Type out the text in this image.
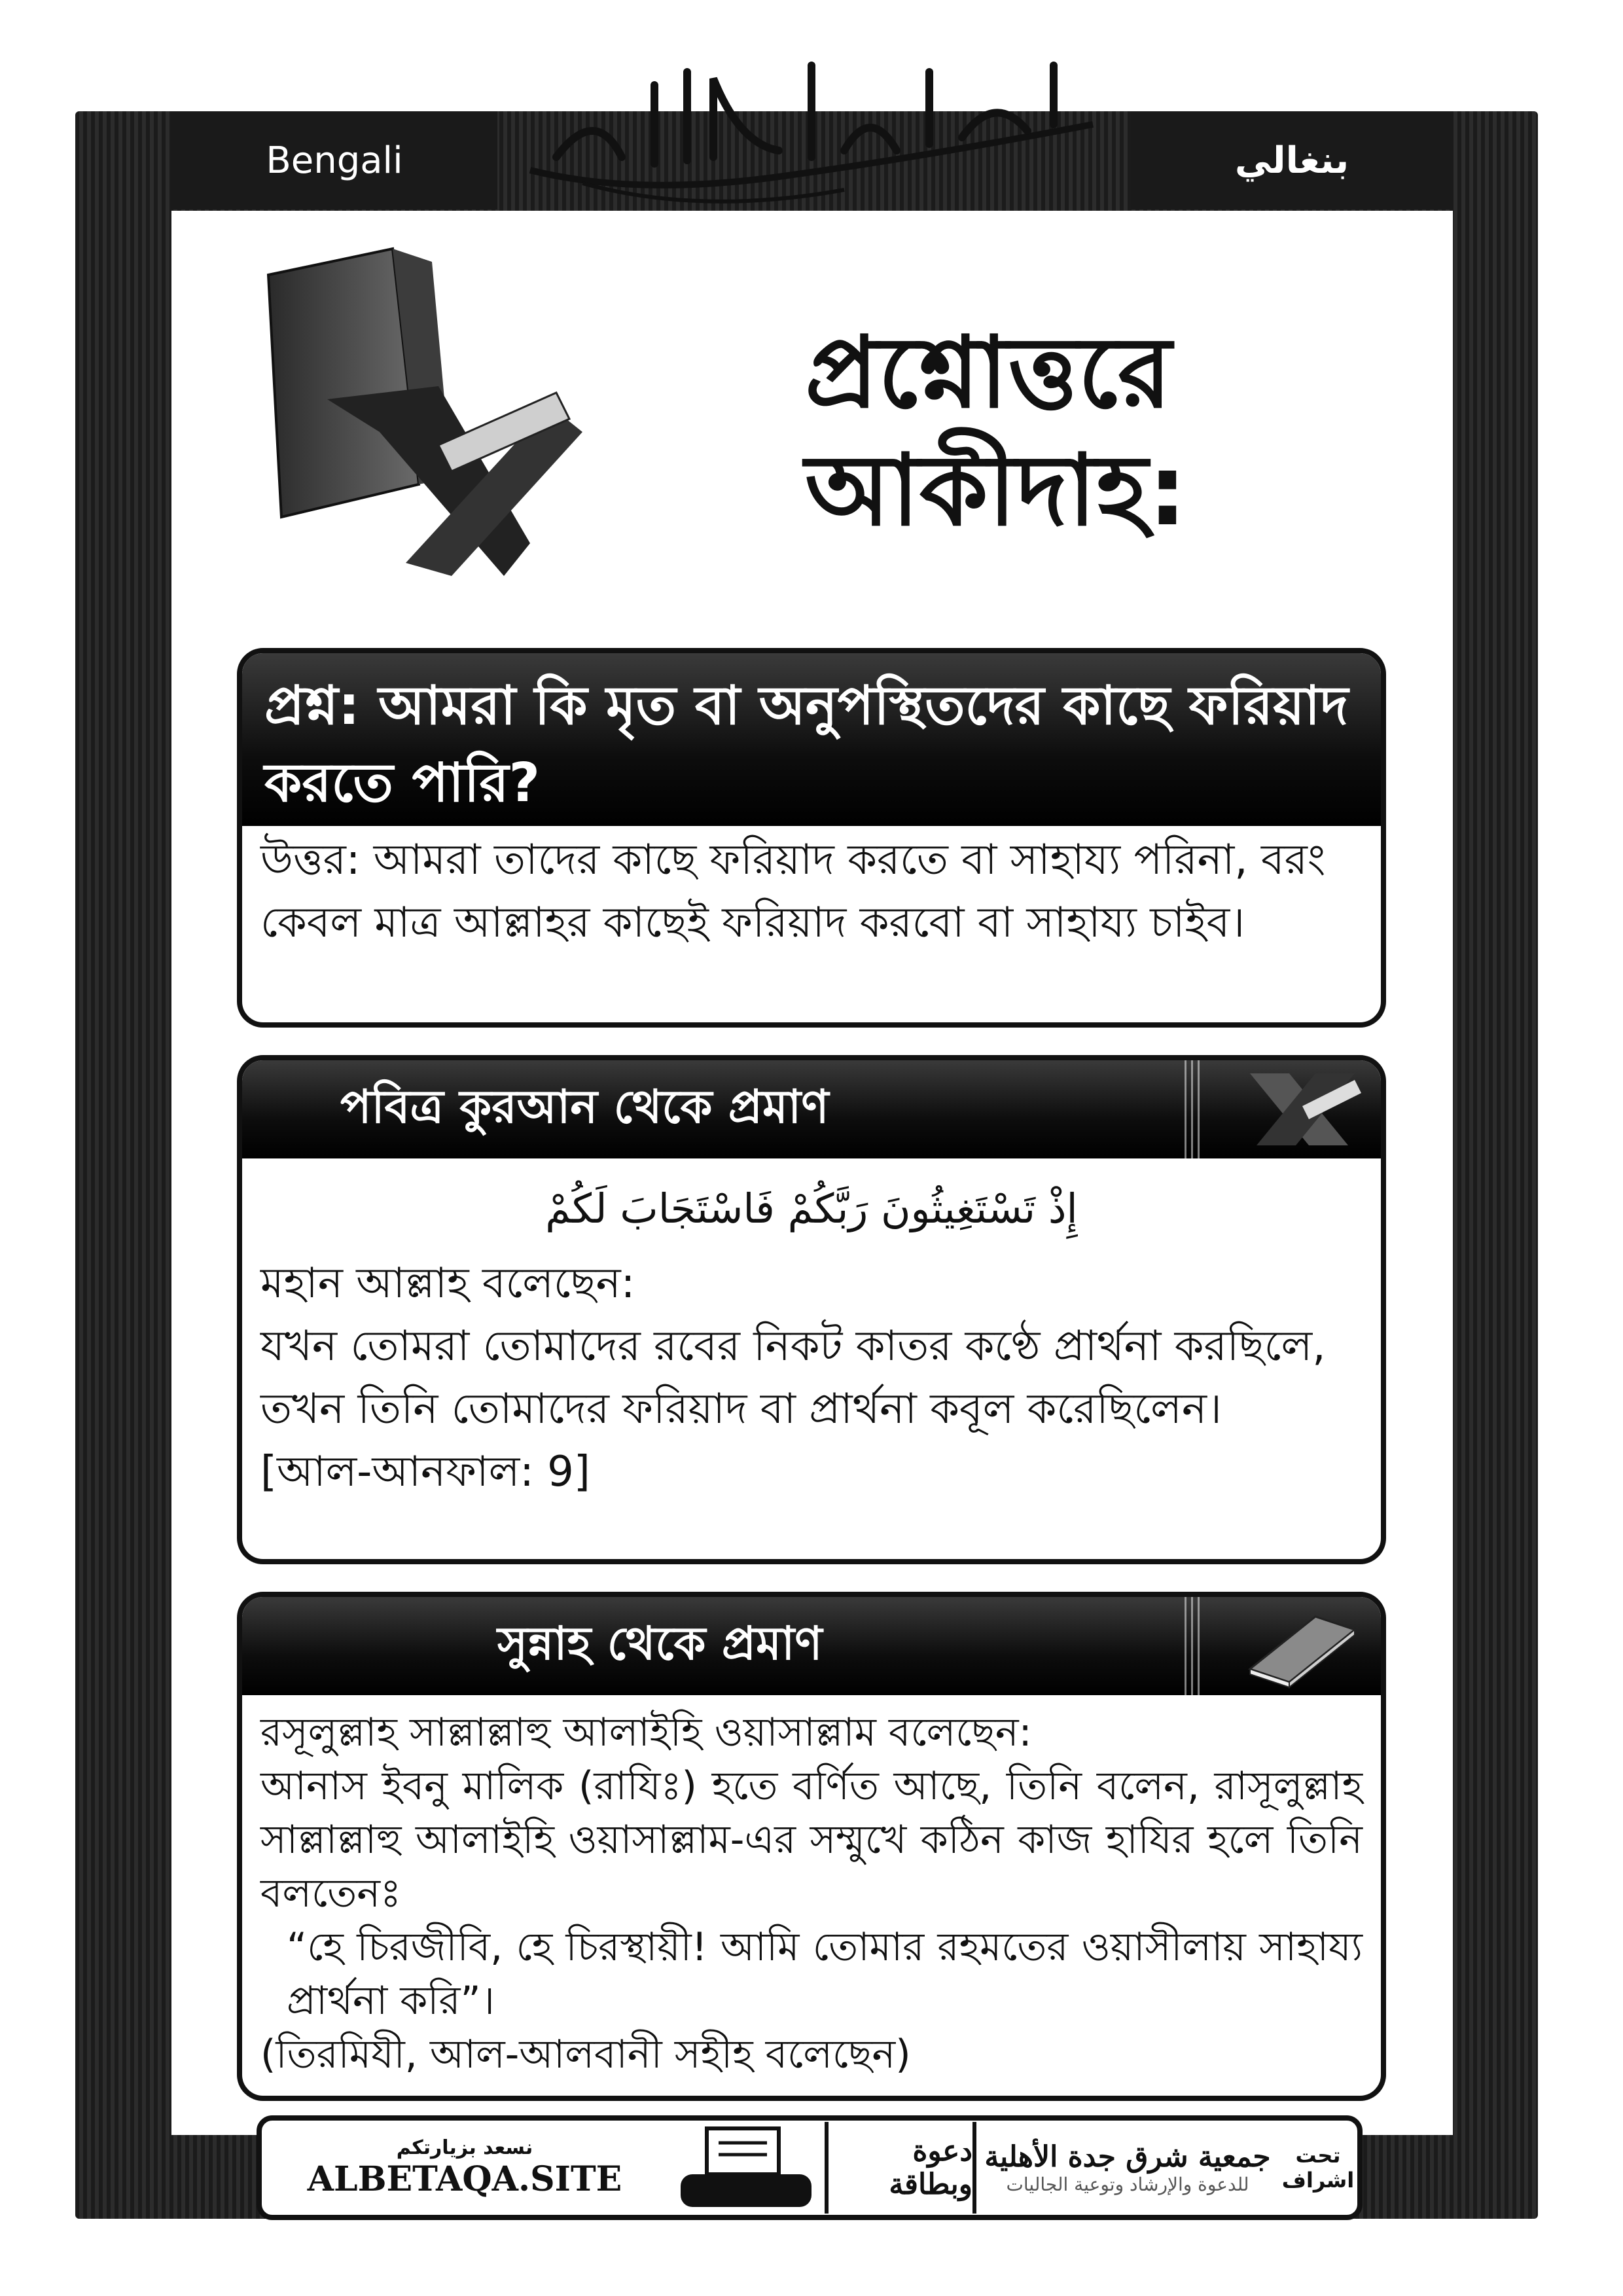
Bengali	بنغالي
প্রশ্নোত্তরে
আকীদাহ:
প্রশ্ন: আমরা কি মৃত বা অনুপস্থিতদের কাছে ফরিয়াদ করতে পারি?
উত্তর: আমরা তাদের কাছে ফরিয়াদ করতে বা সাহায্য পরিনা, বরং কেবল মাত্র আল্লাহর কাছেই ফরিয়াদ করবো বা সাহায্য চাইব।
পবিত্র কুরআন থেকে প্রমাণ
إِذْ تَسْتَغِيثُونَ رَبَّكُمْ فَاسْتَجَابَ لَكُمْ
মহান আল্লাহ বলেছেন:
যখন তোমরা তোমাদের রবের নিকট কাতর কণ্ঠে প্রার্থনা করছিলে, তখন তিনি তোমাদের ফরিয়াদ বা প্রার্থনা কবূল করেছিলেন।
[আল-আনফাল: 9]
সুন্নাহ থেকে প্রমাণ
রসূলুল্লাহ সাল্লাল্লাহু আলাইহি ওয়াসাল্লাম বলেছেন:
আনাস ইবনু মালিক (রাযিঃ) হতে বর্ণিত আছে, তিনি বলেন, রাসূলুল্লাহ সাল্লাল্লাহু আলাইহি ওয়াসাল্লাম-এর সম্মুখে কঠিন কাজ হাযির হলে তিনি বলতেনঃ
“হে চিরজীবি, হে চিরস্থায়ী! আমি তোমার রহমতের ওয়াসীলায় সাহায্য প্রার্থনা করি”।
(তিরমিযী, আল-আলবানী সহীহ বলেছেন)
نسعد بزيارتكم
ALBETAQA.SITE
دعوة وبطاقة
جمعية شرق جدة الأهلية
للدعوة والإرشاد وتوعية الجاليات
تحت
اشراف
